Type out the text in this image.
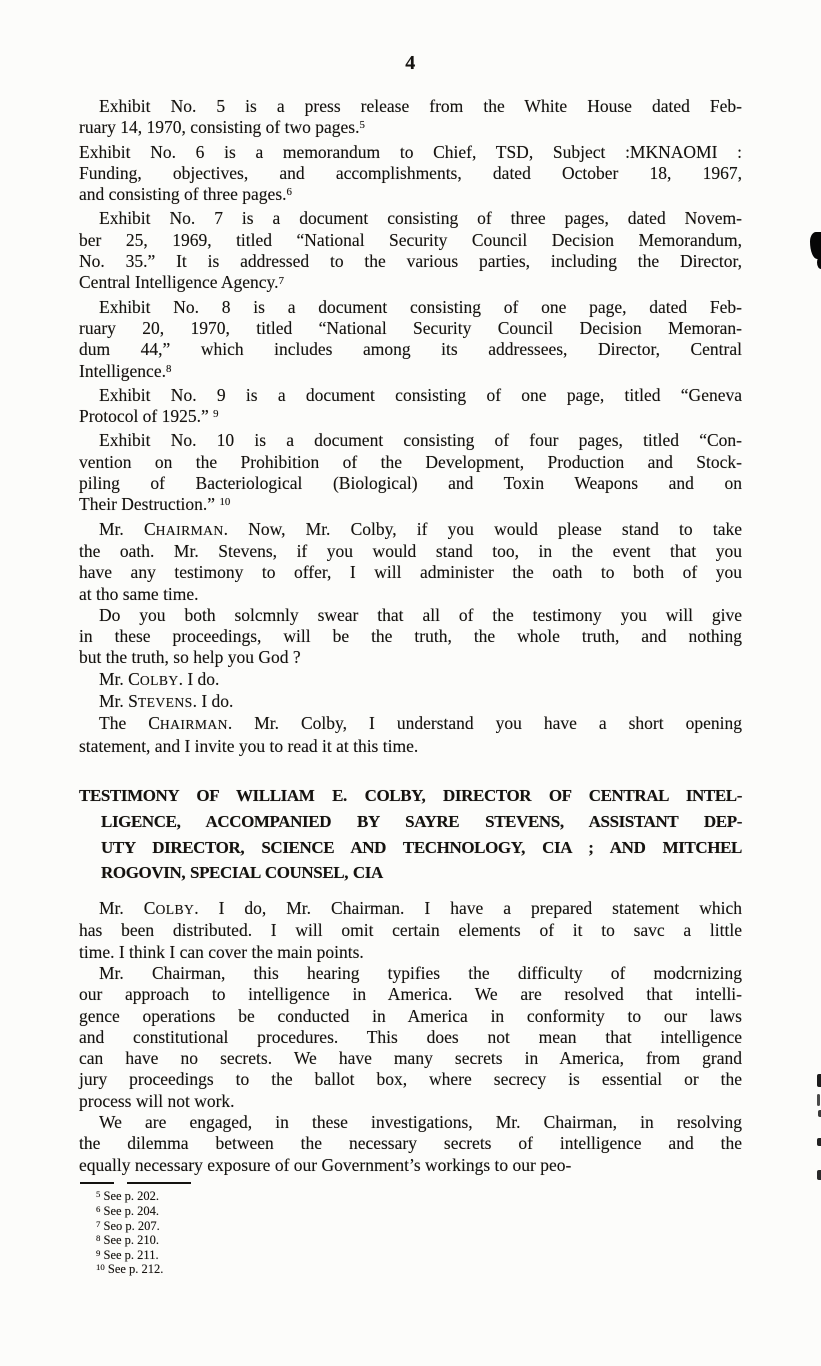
4
Exhibit No. 5 is a press release from the White House dated Feb-
ruary 14, 1970, consisting of two pages.$^5$
Exhibit No. 6 is a memorandum to Chief, TSD, Subject :MKNAOMI :
Funding, objectives, and accomplishments, dated October 18, 1967,
and consisting of three pages.$^6$
Exhibit No. 7 is a document consisting of three pages, dated Novem-
ber 25, 1969, titled “National Security Council Decision Memorandum,
No. 35.” It is addressed to the various parties, including the Director,
Central Intelligence Agency.$^7$
Exhibit No. 8 is a document consisting of one page, dated Feb-
ruary 20, 1970, titled “National Security Council Decision Memoran-
dum 44,” which includes among its addressees, Director, Central
Intelligence.$^8$
Exhibit No. 9 is a document consisting of one page, titled “Geneva
Protocol of 1925.” $^9$
Exhibit No. 10 is a document consisting of four pages, titled “Con-
vention on the Prohibition of the Development, Production and Stock-
piling of Bacteriological (Biological) and Toxin Weapons and on
Their Destruction.” $^{10}$
Mr. CHAIRMAN. Now, Mr. Colby, if you would please stand to take
the oath. Mr. Stevens, if you would stand too, in the event that you
have any testimony to offer, I will administer the oath to both of you
at tho same time.
Do you both solcmnly swear that all of the testimony you will give
in these proceedings, will be the truth, the whole truth, and nothing
but the truth, so help you God ?
Mr. COLBY. I do.
Mr. STEVENS. I do.
The CHAIRMAN. Mr. Colby, I understand you have a short opening
statement, and I invite you to read it at this time.
TESTIMONY OF WILLIAM E. COLBY, DIRECTOR OF CENTRAL INTEL-
LIGENCE, ACCOMPANIED BY SAYRE STEVENS, ASSISTANT DEP-
UTY DIRECTOR, SCIENCE AND TECHNOLOGY, CIA ; AND MITCHEL
ROGOVIN, SPECIAL COUNSEL, CIA
Mr. COLBY. I do, Mr. Chairman. I have a prepared statement which
has been distributed. I will omit certain elements of it to savc a little
time. I think I can cover the main points.
Mr. Chairman, this hearing typifies the difficulty of modcrnizing
our approach to intelligence in America. We are resolved that intelli-
gence operations be conducted in America in conformity to our laws
and constitutional procedures. This does not mean that intelligence
can have no secrets. We have many secrets in America, from grand
jury proceedings to the ballot box, where secrecy is essential or the
process will not work.
We are engaged, in these investigations, Mr. Chairman, in resolving
the dilemma between the necessary secrets of intelligence and the
equally necessary exposure of our Government’s workings to our peo-
$^5$ See p. 202.
$^6$ See p. 204.
$^7$ Seo p. 207.
$^8$ See p. 210.
$^9$ See p. 211.
$^{10}$ See p. 212.
